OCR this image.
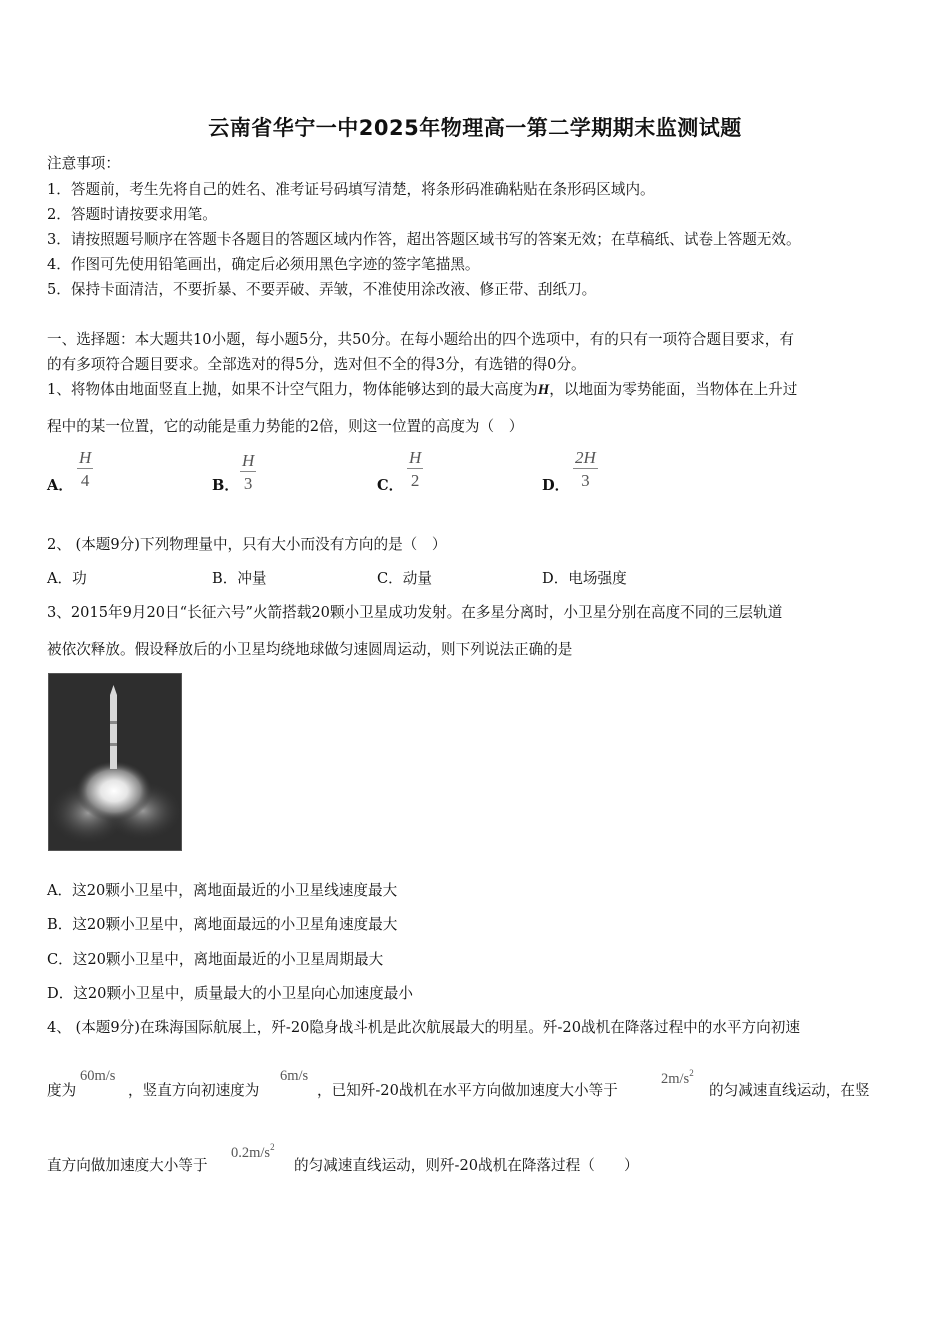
云南省华宁一中2025年物理高一第二学期期末监测试题
注意事项：
1．答题前，考生先将自己的姓名、准考证号码填写清楚，将条形码准确粘贴在条形码区域内。
2．答题时请按要求用笔。
3．请按照题号顺序在答题卡各题目的答题区域内作答，超出答题区域书写的答案无效；在草稿纸、试卷上答题无效。
4．作图可先使用铅笔画出，确定后必须用黑色字迹的签字笔描黑。
5．保持卡面清洁，不要折暴、不要弄破、弄皱，不准使用涂改液、修正带、刮纸刀。
一、选择题：本大题共10小题，每小题5分，共50分。在每小题给出的四个选项中，有的只有一项符合题目要求，有
的有多项符合题目要求。全部选对的得5分，选对但不全的得3分，有选错的得0分。
1、将物体由地面竖直上抛，如果不计空气阻力，物体能够达到的最大高度为H，以地面为零势能面，当物体在上升过
程中的某一位置，它的动能是重力势能的2倍，则这一位置的高度为（　）
A．
H
4	B．
H
3	C．
H
2	D．
2H
3
2、 (本题9分)下列物理量中，只有大小而没有方向的是（　）
A．功	B．冲量	C．动量	D．电场强度
3、2015年9月20日“长征六号”火箭搭载20颗小卫星成功发射。在多星分离时，小卫星分别在高度不同的三层轨道
被依次释放。假设释放后的小卫星均绕地球做匀速圆周运动，则下列说法正确的是
A．这20颗小卫星中，离地面最近的小卫星线速度最大
B．这20颗小卫星中，离地面最远的小卫星角速度最大
C．这20颗小卫星中，离地面最近的小卫星周期最大
D．这20颗小卫星中，质量最大的小卫星向心加速度最小
4、 (本题9分)在珠海国际航展上，歼-20隐身战斗机是此次航展最大的明星。歼-20战机在降落过程中的水平方向初速
度为
60m/s
，竖直方向初速度为
6m/s
，已知歼-20战机在水平方向做加速度大小等于
$2m/s^2$
的匀减速直线运动，在竖
直方向做加速度大小等于
$0.2m/s^2$
的匀减速直线运动，则歼-20战机在降落过程（　　）
